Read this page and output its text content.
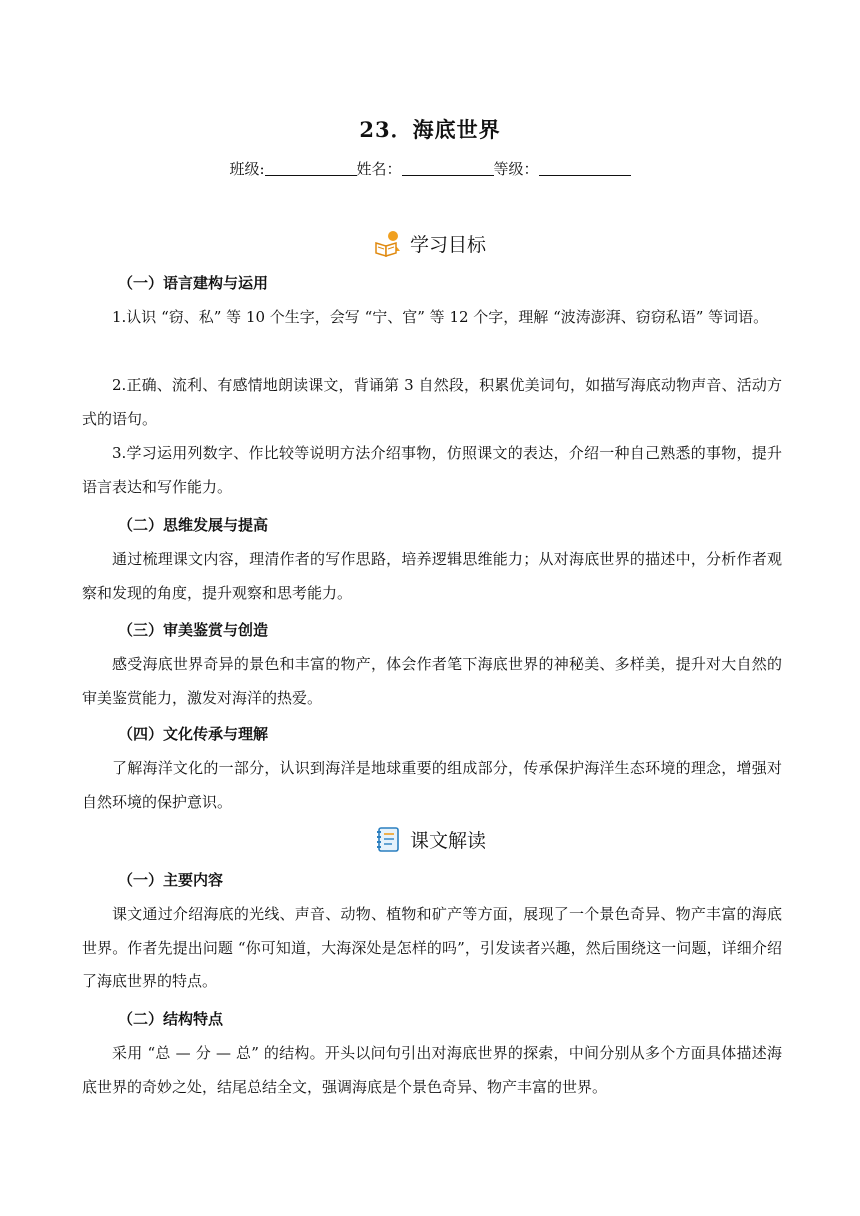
23．海底世界
班级:	姓名：	等级：
学习目标
（一）语言建构与运用
1.认识 “窃、私” 等 10 个生字，会写 “宁、官” 等 12 个字，理解 “波涛澎湃、窃窃私语” 等词语。
2.正确、流利、有感情地朗读课文，背诵第 3 自然段，积累优美词句，如描写海底动物声音、活动方式的语句。
3.学习运用列数字、作比较等说明方法介绍事物，仿照课文的表达，介绍一种自己熟悉的事物，提升语言表达和写作能力。
（二）思维发展与提高
通过梳理课文内容，理清作者的写作思路，培养逻辑思维能力；从对海底世界的描述中，分析作者观察和发现的角度，提升观察和思考能力。
（三）审美鉴赏与创造
感受海底世界奇异的景色和丰富的物产，体会作者笔下海底世界的神秘美、多样美，提升对大自然的审美鉴赏能力，激发对海洋的热爱。
（四）文化传承与理解
了解海洋文化的一部分，认识到海洋是地球重要的组成部分，传承保护海洋生态环境的理念，增强对自然环境的保护意识。
课文解读
（一）主要内容
课文通过介绍海底的光线、声音、动物、植物和矿产等方面，展现了一个景色奇异、物产丰富的海底世界。作者先提出问题 “你可知道，大海深处是怎样的吗”，引发读者兴趣，然后围绕这一问题，详细介绍了海底世界的特点。
（二）结构特点
采用 “总 — 分 — 总” 的结构。开头以问句引出对海底世界的探索，中间分别从多个方面具体描述海底世界的奇妙之处，结尾总结全文，强调海底是个景色奇异、物产丰富的世界。
